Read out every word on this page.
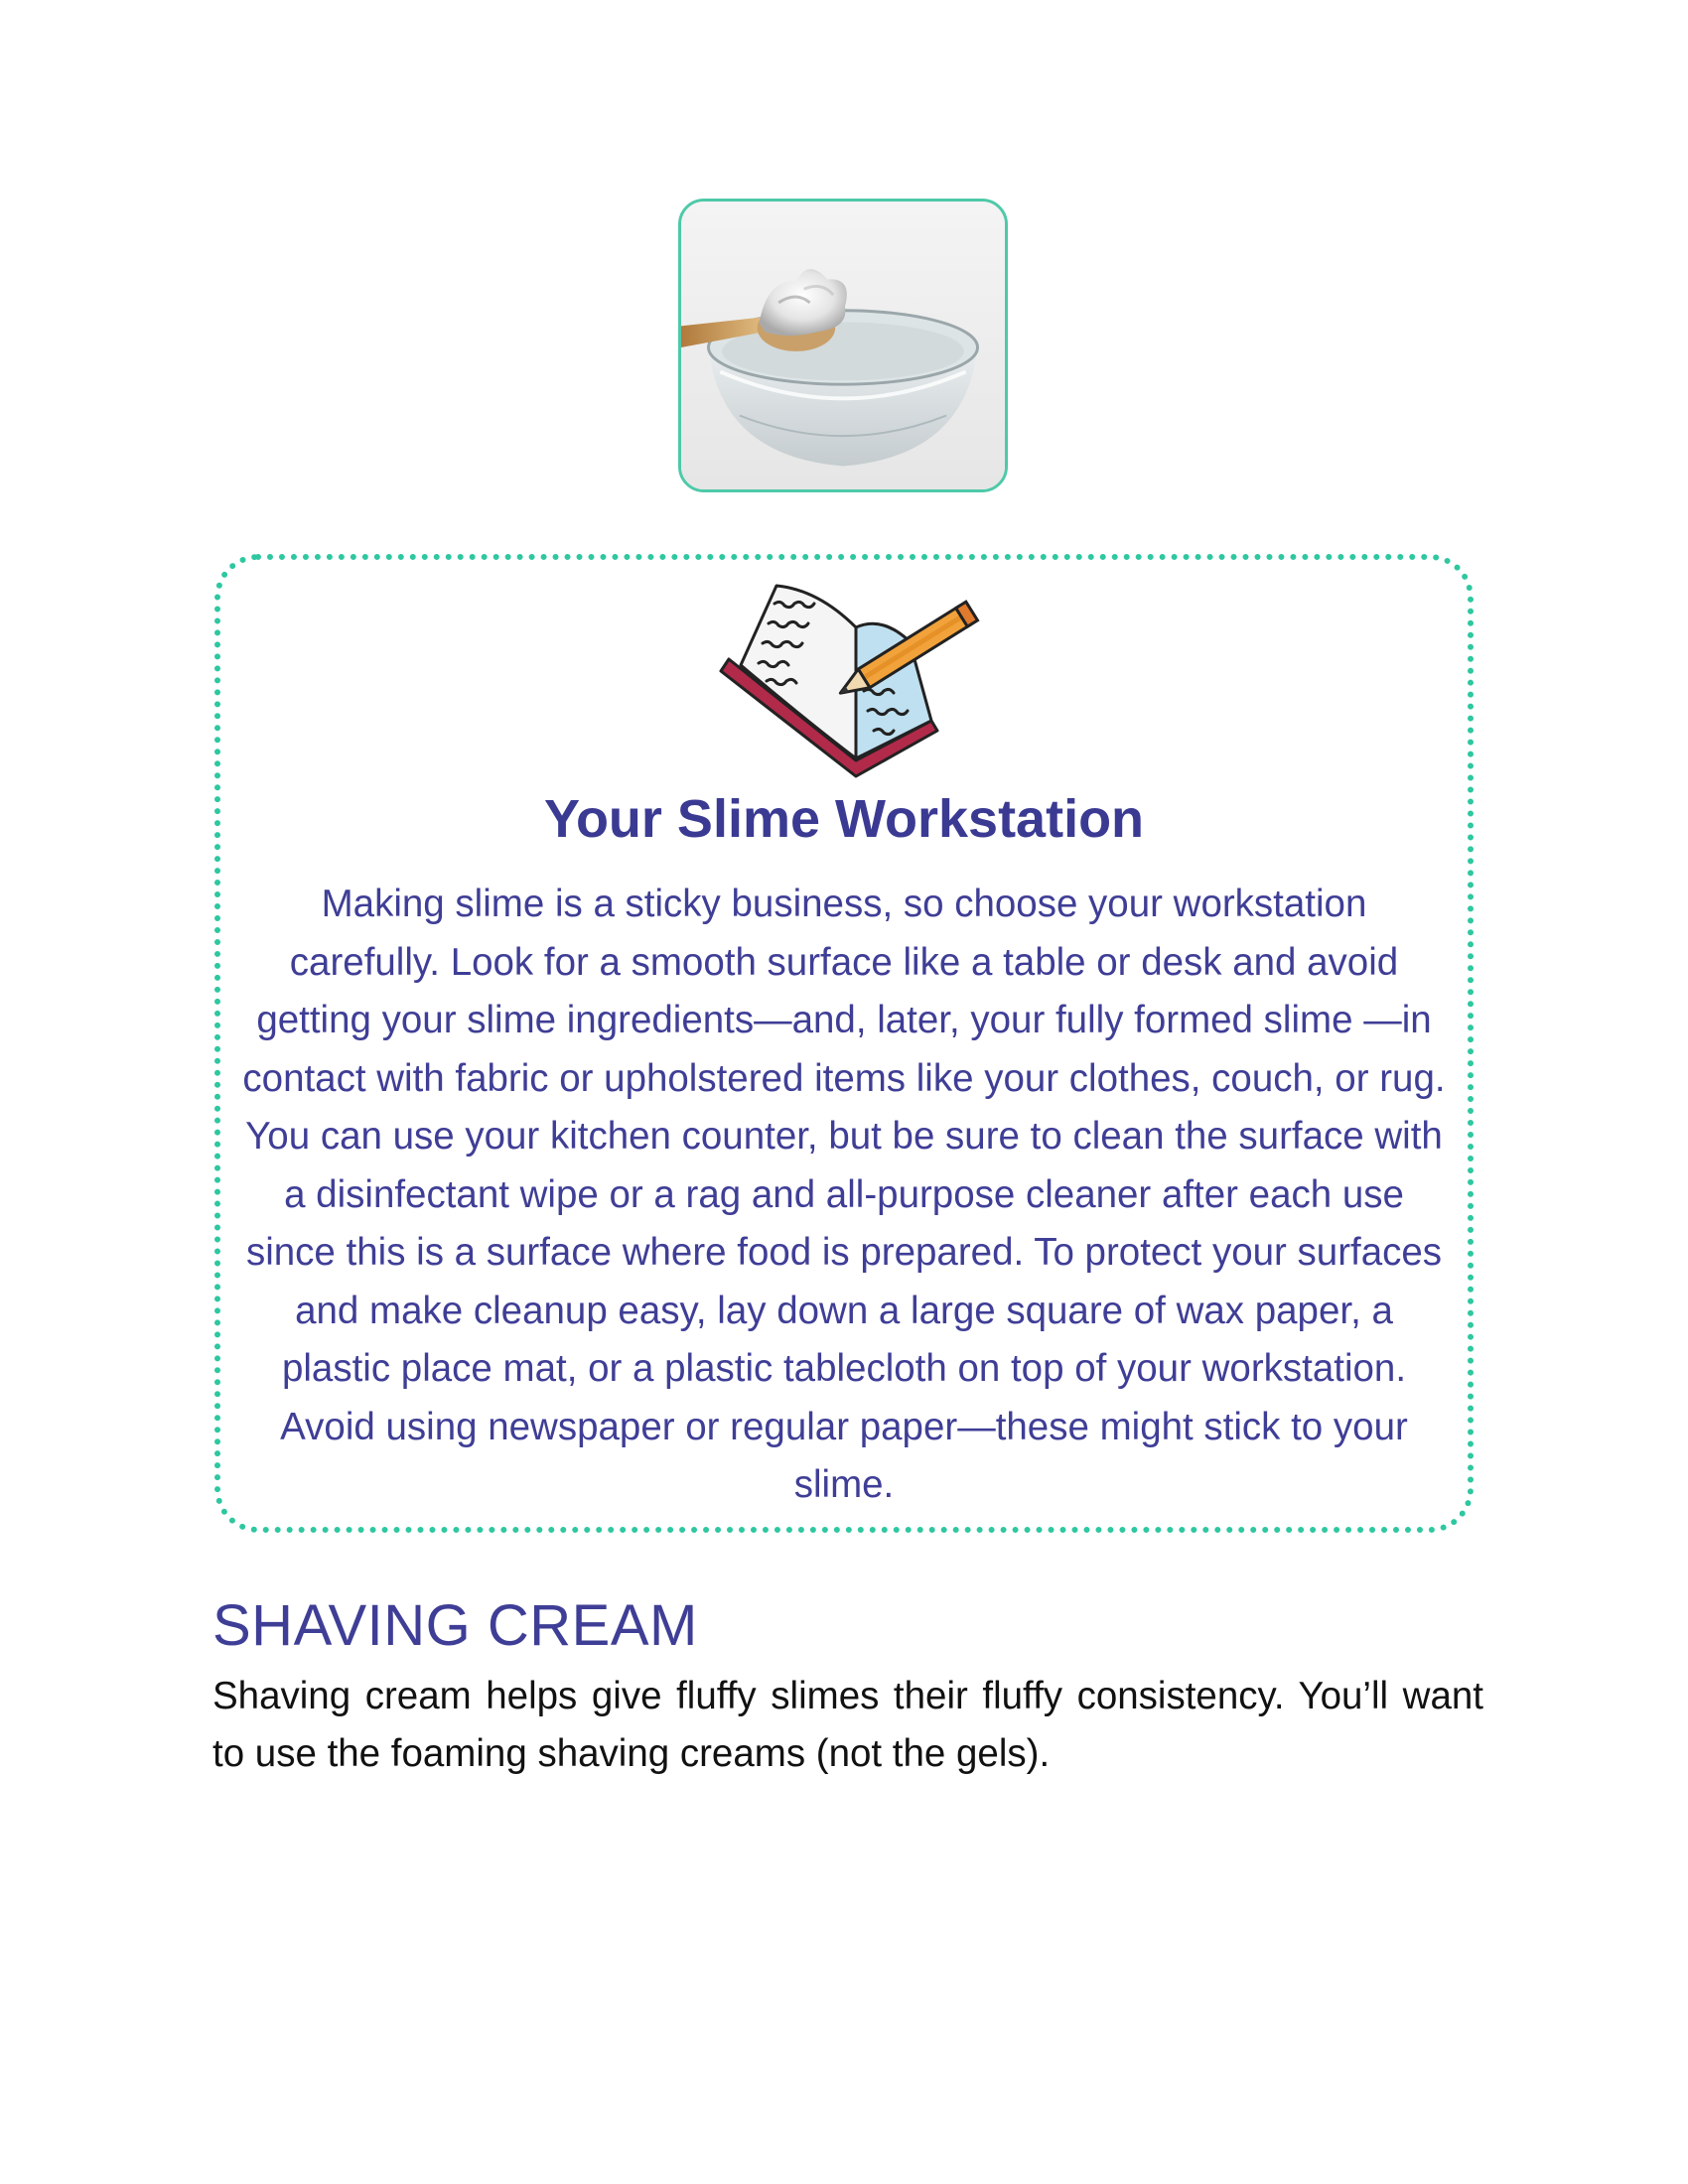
Your Slime Workstation

Making slime is a sticky business, so choose your workstation carefully. Look for a smooth surface like a table or desk and avoid getting your slime ingredients—and, later, your fully formed slime —in contact with fabric or upholstered items like your clothes, couch, or rug. You can use your kitchen counter, but be sure to clean the surface with a disinfectant wipe or a rag and all-purpose cleaner after each use since this is a surface where food is prepared. To protect your surfaces and make cleanup easy, lay down a large square of wax paper, a plastic place mat, or a plastic tablecloth on top of your workstation. Avoid using newspaper or regular paper—these might stick to your slime.

SHAVING CREAM

Shaving cream helps give fluffy slimes their fluffy consistency. You’ll want to use the foaming shaving creams (not the gels).
